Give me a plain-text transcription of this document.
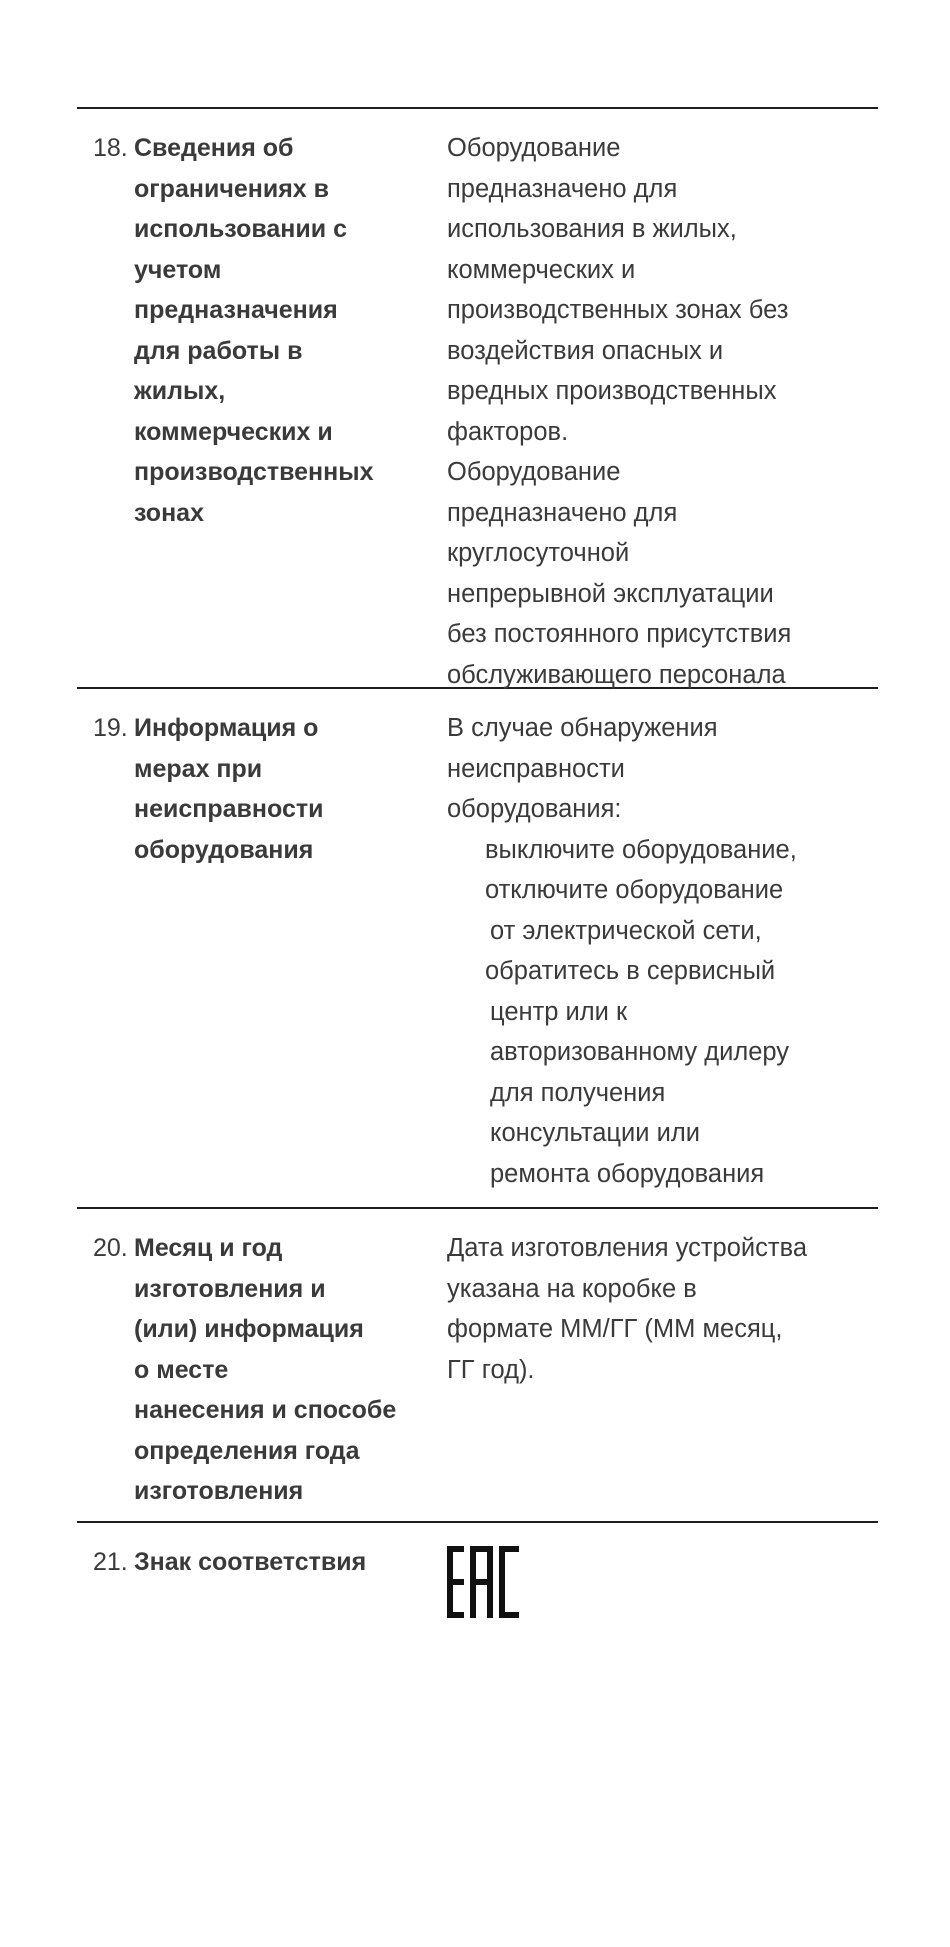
18. Сведения об
ограничениях в
использовании с
учетом
предназначения
для работы в
жилых,
коммерческих и
производственных
зонах
Оборудование
предназначено для
использования в жилых,
коммерческих и
производственных зонах без
воздействия опасных и
вредных производственных
факторов.
Оборудование
предназначено для
круглосуточной
непрерывной эксплуатации
без постоянного присутствия
обслуживающего персонала
19. Информация о
мерах при
неисправности
оборудования
В случае обнаружения
неисправности
оборудования:
выключите оборудование,
отключите оборудование
от электрической сети,
обратитесь в сервисный
центр или к
авторизованному дилеру
для получения
консультации или
ремонта оборудования
20. Месяц и год
изготовления и
(или) информация
о месте
нанесения и способе
определения года
изготовления
Дата изготовления устройства
указана на коробке в
формате ММ/ГГ (ММ месяц,
ГГ год).
21. Знак соответствия
